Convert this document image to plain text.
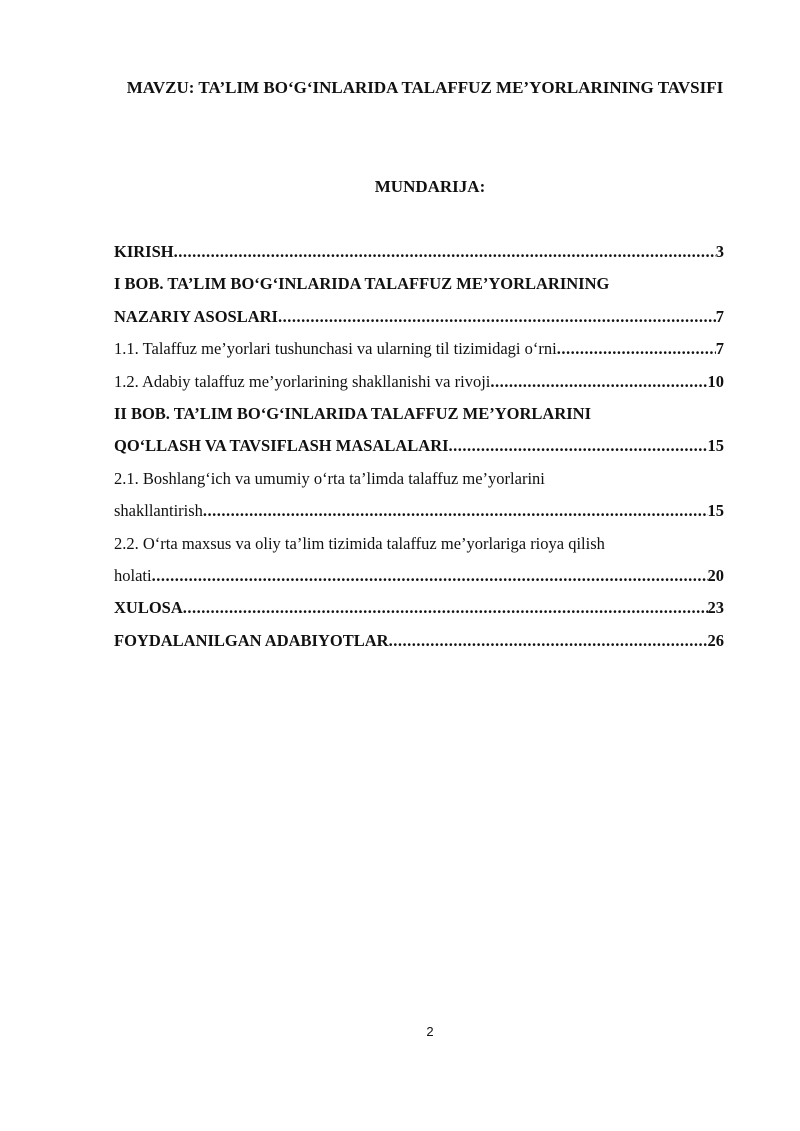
MAVZU: TA’LIM BO‘G‘INLARIDA TALAFFUZ ME’YORLARINING TAVSIFI
MUNDARIJA:
KIRISH .....	3
I BOB. TA’LIM BO‘G‘INLARIDA TALAFFUZ ME’YORLARINING
NAZARIY ASOSLARI .....	7
1.1. Talaffuz me’yorlari tushunchasi va ularning til tizimidagi o‘rni .....	7
1.2. Adabiy talaffuz me’yorlarining shakllanishi va rivoji .....	10
II BOB. TA’LIM BO‘G‘INLARIDA TALAFFUZ ME’YORLARINI
QO‘LLASH VA TAVSIFLASH MASALALARI .....	15
2.1. Boshlang‘ich va umumiy o‘rta ta’limda talaffuz me’yorlarini
shakllantirish .....	15
2.2. O‘rta maxsus va oliy ta’lim tizimida talaffuz me’yorlariga rioya qilish
holati .....	20
XULOSA .....	23
FOYDALANILGAN ADABIYOTLAR .....	26
2
